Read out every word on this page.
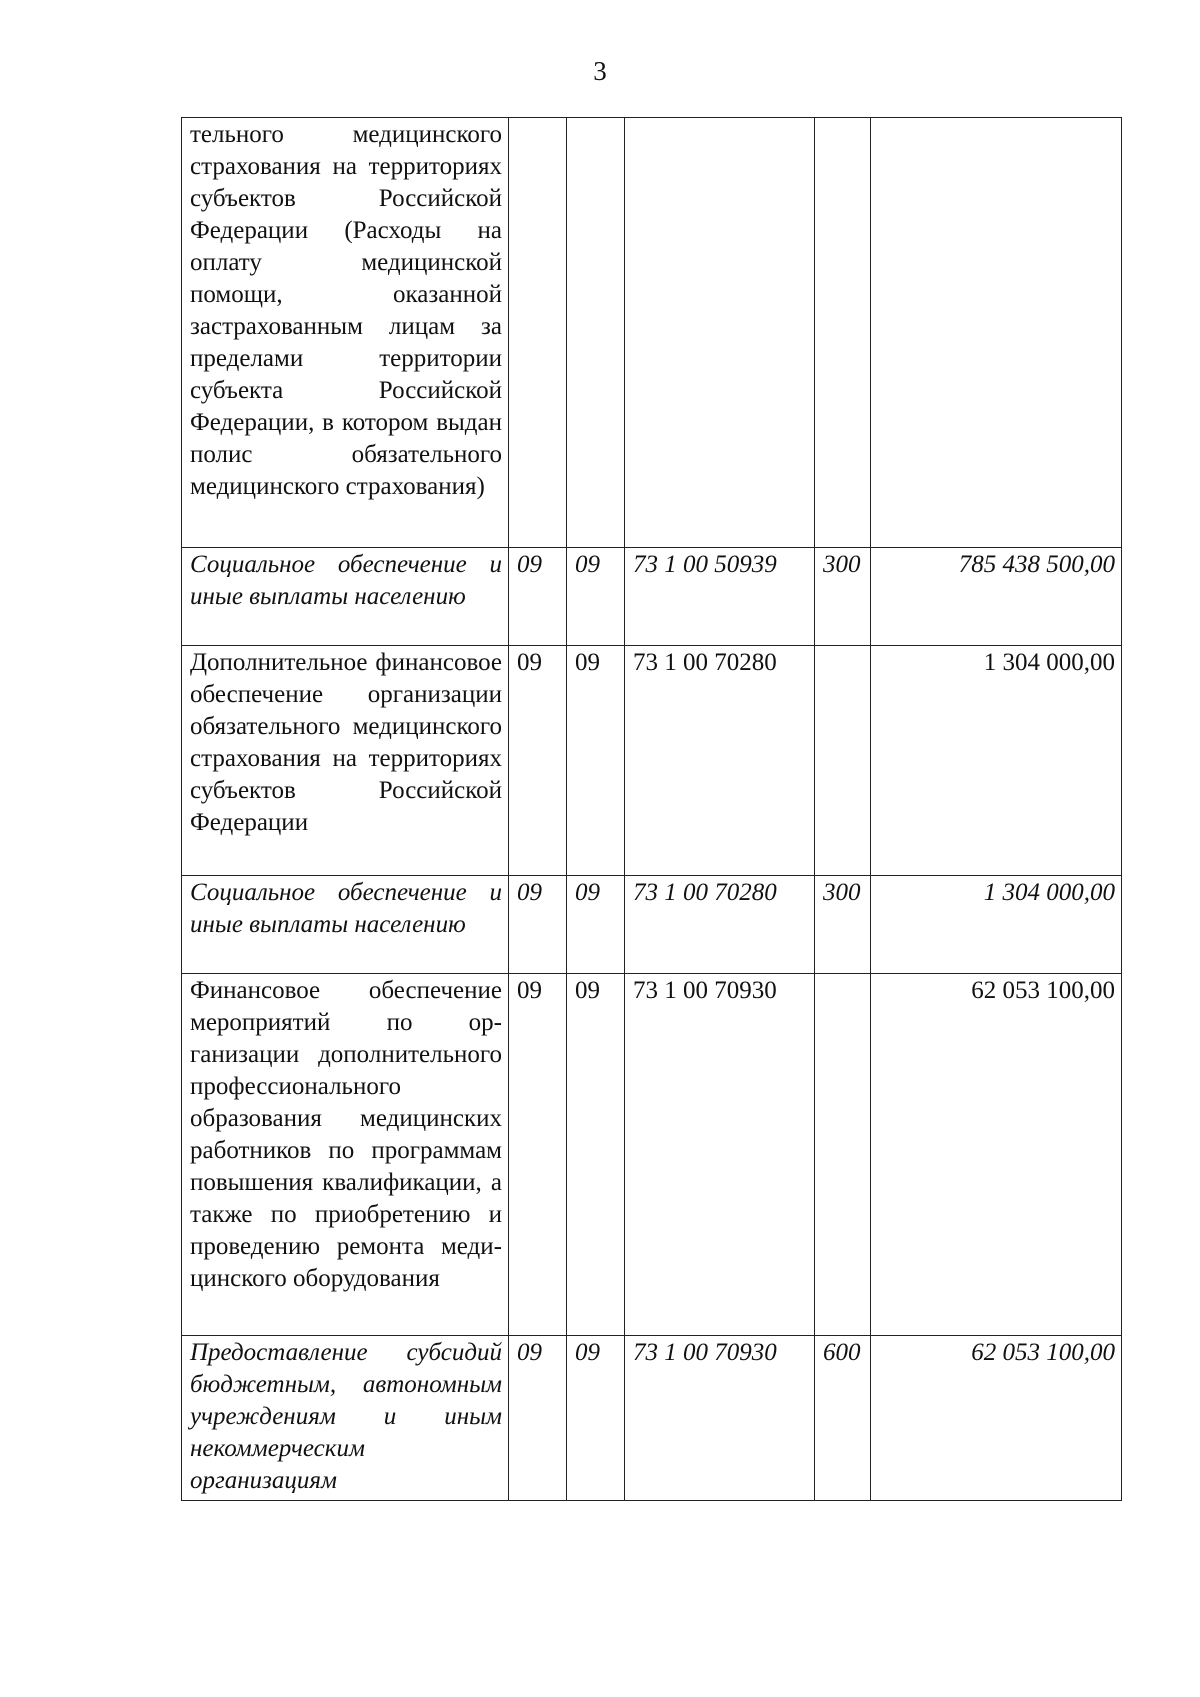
3
тельного медицинского страхования на территориях субъектов Российской Федерации (Расходы на оплату медицинской помощи, оказанной застрахованным лицам за пределами территории субъекта Российской Федерации, в котором выдан полис обязательного медицинского страхования)					
Социальное обеспечение и иные выплаты населению	09	09	73 1 00 50939	300	785 438 500,00
Дополнительное финансовое обеспечение организации обязательного медицинского страхования на территориях субъектов Российской Федерации	09	09	73 1 00 70280		1 304 000,00
Социальное обеспечение и иные выплаты населению	09	09	73 1 00 70280	300	1 304 000,00
Финансовое обеспечение мероприятий по организации дополнительного профессионального образования медицинских работников по программам повышения квалификации, а также по приобретению и проведению ремонта медицинского оборудования	09	09	73 1 00 70930		62 053 100,00
Предоставление субсидий бюджетным, автономным учреждениям и иным некоммерческим организациям	09	09	73 1 00 70930	600	62 053 100,00
